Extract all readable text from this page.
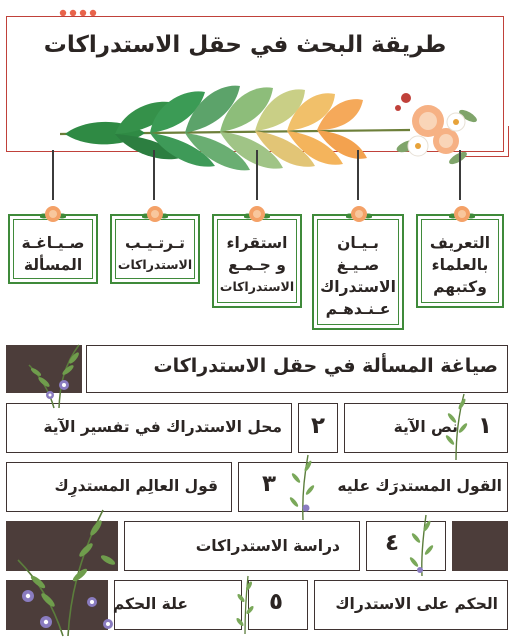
طريقة البحث في حقل الاستدراكات
التعريف
بالعلماء
وكتبهم
بـيـان
صـيـغ
الاستدراك
عـنـدهـم
استقراء
و جـمـع
الاستدراكات
تـرتـيـب
الاستدراكات
صـيـاغـة
المسألة
صياغة المسألة في حقل الاستدراكات
١
نص الآية
٢
محل الاستدراك في تفسير الآية
٣	القول المستدرَك عليه
قول العالِم المستدرِك
٤
دراسة الاستدراكات
الحكم على الاستدراك
٥
علة الحكم
